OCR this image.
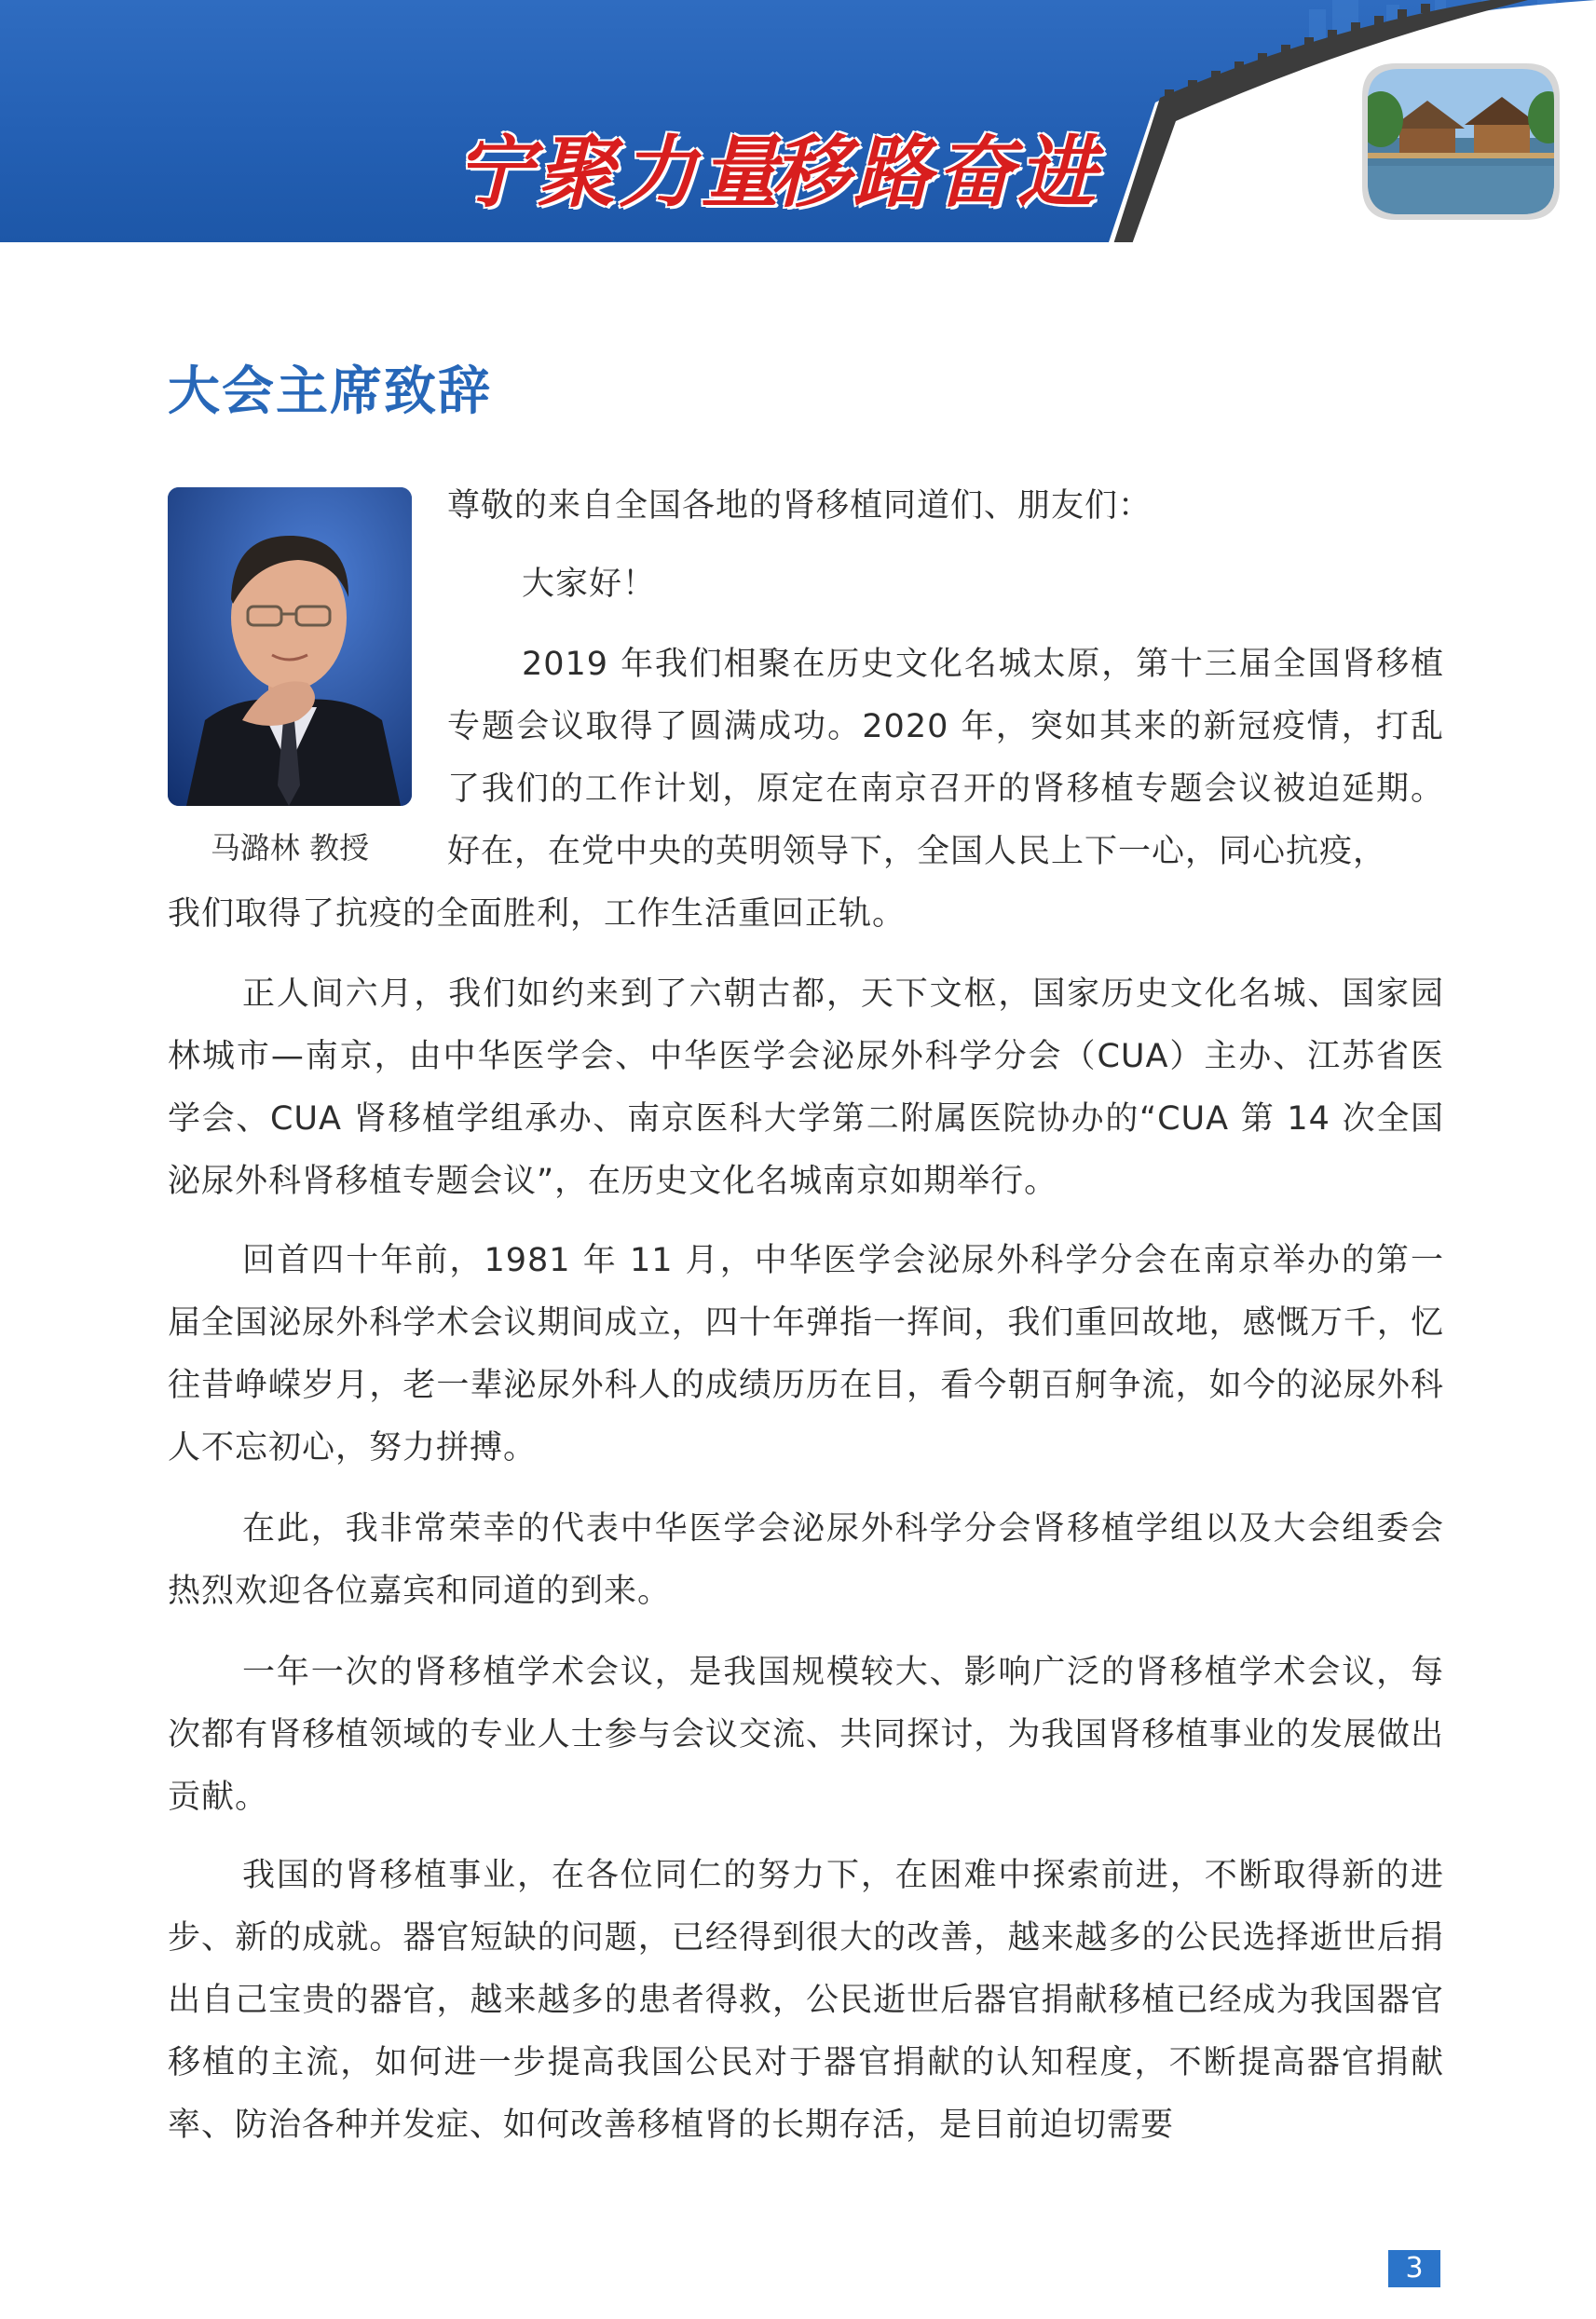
宁聚力量
移路奋进
大会主席致辞
马潞林 教授

尊敬的来自全国各地的肾移植同道们、朋友们：

大家好！

2019 年我们相聚在历史文化名城太原，第十三届全国肾移植专题会议取得了圆满成功。2020 年，突如其来的新冠疫情，打乱了我们的工作计划，原定在南京召开的肾移植专题会议被迫延期。好在，在党中央的英明领导下，全国人民上下一心，同心抗疫，

我们取得了抗疫的全面胜利，工作生活重回正轨。

正人间六月，我们如约来到了六朝古都，天下文枢，国家历史文化名城、国家园林城市—南京，由中华医学会、中华医学会泌尿外科学分会（CUA）主办、江苏省医学会、CUA 肾移植学组承办、南京医科大学第二附属医院协办的“CUA 第 14 次全国泌尿外科肾移植专题会议”，在历史文化名城南京如期举行。

回首四十年前，1981 年 11 月，中华医学会泌尿外科学分会在南京举办的第一届全国泌尿外科学术会议期间成立，四十年弹指一挥间，我们重回故地，感慨万千，忆往昔峥嵘岁月，老一辈泌尿外科人的成绩历历在目，看今朝百舸争流，如今的泌尿外科人不忘初心，努力拼搏。

在此，我非常荣幸的代表中华医学会泌尿外科学分会肾移植学组以及大会组委会热烈欢迎各位嘉宾和同道的到来。

一年一次的肾移植学术会议，是我国规模较大、影响广泛的肾移植学术会议，每次都有肾移植领域的专业人士参与会议交流、共同探讨，为我国肾移植事业的发展做出贡献。

我国的肾移植事业，在各位同仁的努力下，在困难中探索前进，不断取得新的进步、新的成就。器官短缺的问题，已经得到很大的改善，越来越多的公民选择逝世后捐出自己宝贵的器官，越来越多的患者得救，公民逝世后器官捐献移植已经成为我国器官移植的主流，如何进一步提高我国公民对于器官捐献的认知程度，不断提高器官捐献率、防治各种并发症、如何改善移植肾的长期存活，是目前迫切需要

3
